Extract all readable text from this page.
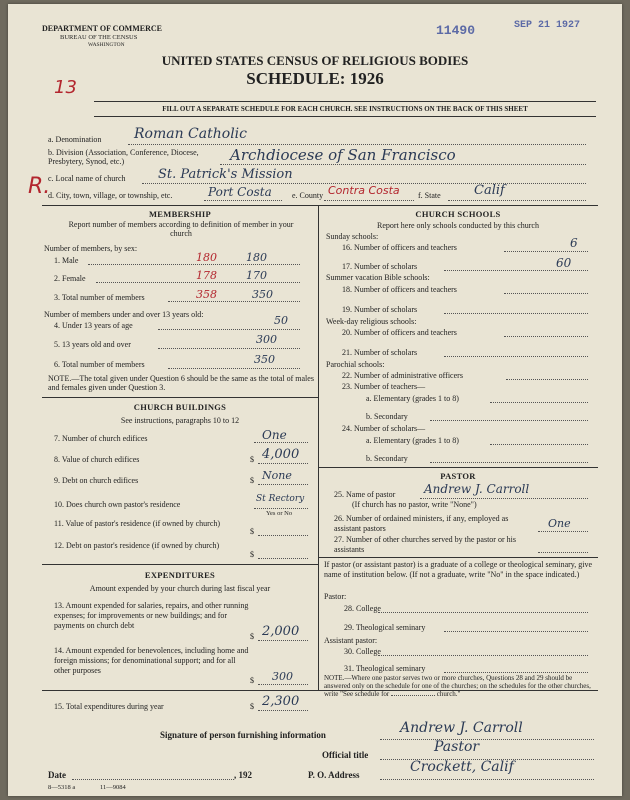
DEPARTMENT OF COMMERCE
BUREAU OF THE CENSUS
WASHINGTON
11490	SEP 21 1927
UNITED STATES CENSUS OF RELIGIOUS BODIES
SCHEDULE: 1926
13
R.
FILL OUT A SEPARATE SCHEDULE FOR EACH CHURCH. SEE INSTRUCTIONS ON THE BACK OF THIS SHEET
a. Denomination Roman Catholic
b. Division (Association, Conference, Diocese, Presbytery, Synod, etc.)	Archdiocese of San Francisco
c. Local name of church St. Patrick's Mission
d. City, town, village, or township, etc.	Port Costa	e. County Contra Costa f. State	Calif
MEMBERSHIP
Report number of members according to definition of member in your church
Number of members, by sex:
1. Male	180	180
2. Female	178	170
3. Total number of members	358	350
Number of members under and over 13 years old:
4. Under 13 years of age	50
5. 13 years old and over	300
6. Total number of members	350
NOTE.—The total given under Question 6 should be the same as the total of males and females given under Question 3.
CHURCH BUILDINGS
See instructions, paragraphs 10 to 12
7. Number of church edifices	One
8. Value of church edifices	$ 4,000
9. Debt on church edifices	$ None
10. Does church own pastor's residence
St Rectory
Yes or No
11. Value of pastor's residence (if owned by church)
$
12. Debt on pastor's residence (if owned by church)
$
EXPENDITURES
Amount expended by your church during last fiscal year
13. Amount expended for salaries, repairs, and other running expenses; for improvements or new buildings; and for payments on church debt
$ 2,000
14. Amount expended for benevolences, including home and foreign missions; for denominational support; and for all other purposes
$ 300
15. Total expenditures during year	$ 2,300
CHURCH SCHOOLS
Report here only schools conducted by this church
Sunday schools:
16. Number of officers and teachers	6
17. Number of scholars	60
Summer vacation Bible schools:
18. Number of officers and teachers
19. Number of scholars
Week-day religious schools:
20. Number of officers and teachers
21. Number of scholars
Parochial schools:
22. Number of administrative officers
23. Number of teachers—
a. Elementary (grades 1 to 8)
b. Secondary
24. Number of scholars—
a. Elementary (grades 1 to 8)
b. Secondary
PASTOR
25. Name of pastor Andrew J. Carroll
(If church has no pastor, write "None")
26. Number of ordained ministers, if any, employed as assistant pastors	One
27. Number of other churches served by the pastor or his assistants
If pastor (or assistant pastor) is a graduate of a college or theological seminary, give name of institution below. (If not a graduate, write "No" in the space indicated.)
Pastor:
28. College
29. Theological seminary
Assistant pastor:
30. College
31. Theological seminary
NOTE.—Where one pastor serves two or more churches, Questions 28 and 29 should be answered only on the schedule for one of the churches; on the schedules for the other churches, write "See schedule for	church."
Signature of person furnishing information	Andrew J. Carroll
Official title	Pastor
Date	, 192	P. O. Address	Crockett, Calif
8—5318 a	11—9084
